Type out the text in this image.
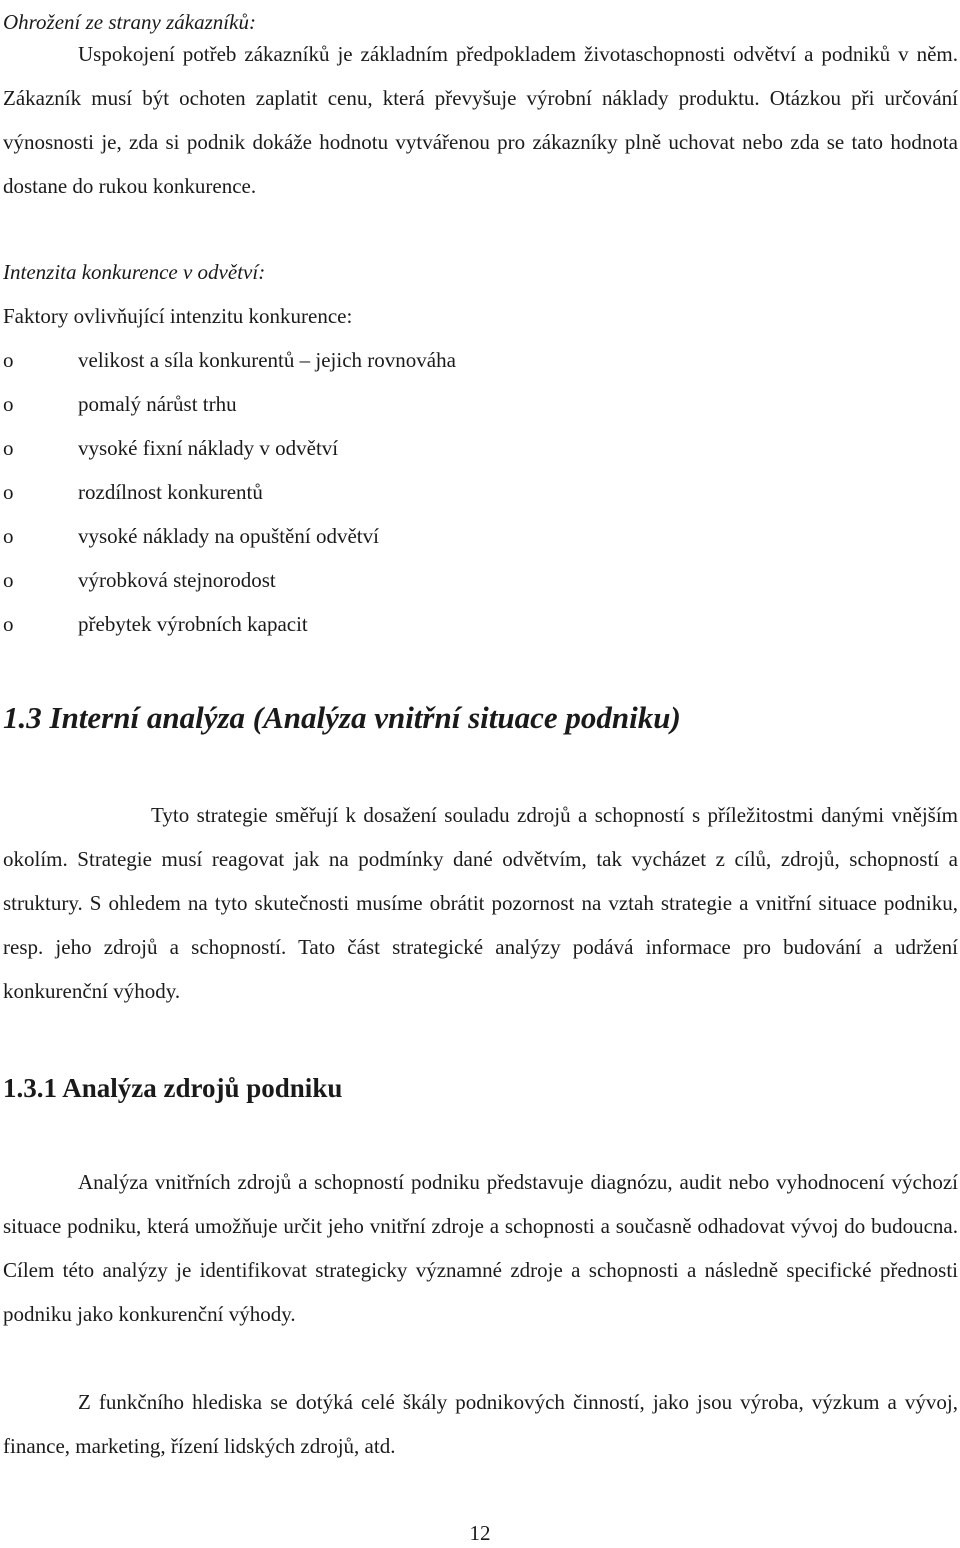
Ohrožení ze strany zákazníků:

Uspokojení potřeb zákazníků je základním předpokladem životaschopnosti odvětví a podniků v něm. Zákazník musí být ochoten zaplatit cenu, která převyšuje výrobní náklady produktu. Otázkou při určování výnosnosti je, zda si podnik dokáže hodnotu vytvářenou pro zákazníky plně uchovat nebo zda se tato hodnota dostane do rukou konkurence.

Intenzita konkurence v odvětví:

Faktory ovlivňující intenzitu konkurence:

o	velikost a síla konkurentů – jejich rovnováha
o	pomalý nárůst trhu
o	vysoké fixní náklady v odvětví
o	rozdílnost konkurentů
o	vysoké náklady na opuštění odvětví
o	výrobková stejnorodost
o	přebytek výrobních kapacit
1.3 Interní analýza (Analýza vnitřní situace podniku)

Tyto strategie směřují k dosažení souladu zdrojů a schopností s příležitostmi danými vnějším okolím. Strategie musí reagovat jak na podmínky dané odvětvím, tak vycházet z cílů, zdrojů, schopností a struktury. S ohledem na tyto skutečnosti musíme obrátit pozornost na vztah strategie a vnitřní situace podniku, resp. jeho zdrojů a schopností. Tato část strategické analýzy podává informace pro budování a udržení konkurenční výhody.

1.3.1 Analýza zdrojů podniku

Analýza vnitřních zdrojů a schopností podniku představuje diagnózu, audit nebo vyhodnocení výchozí situace podniku, která umožňuje určit jeho vnitřní zdroje a schopnosti a současně odhadovat vývoj do budoucna. Cílem této analýzy je identifikovat strategicky významné zdroje a schopnosti a následně specifické přednosti podniku jako konkurenční výhody.

Z funkčního hlediska se dotýká celé škály podnikových činností, jako jsou výroba, výzkum a vývoj, finance, marketing, řízení lidských zdrojů, atd.

12
